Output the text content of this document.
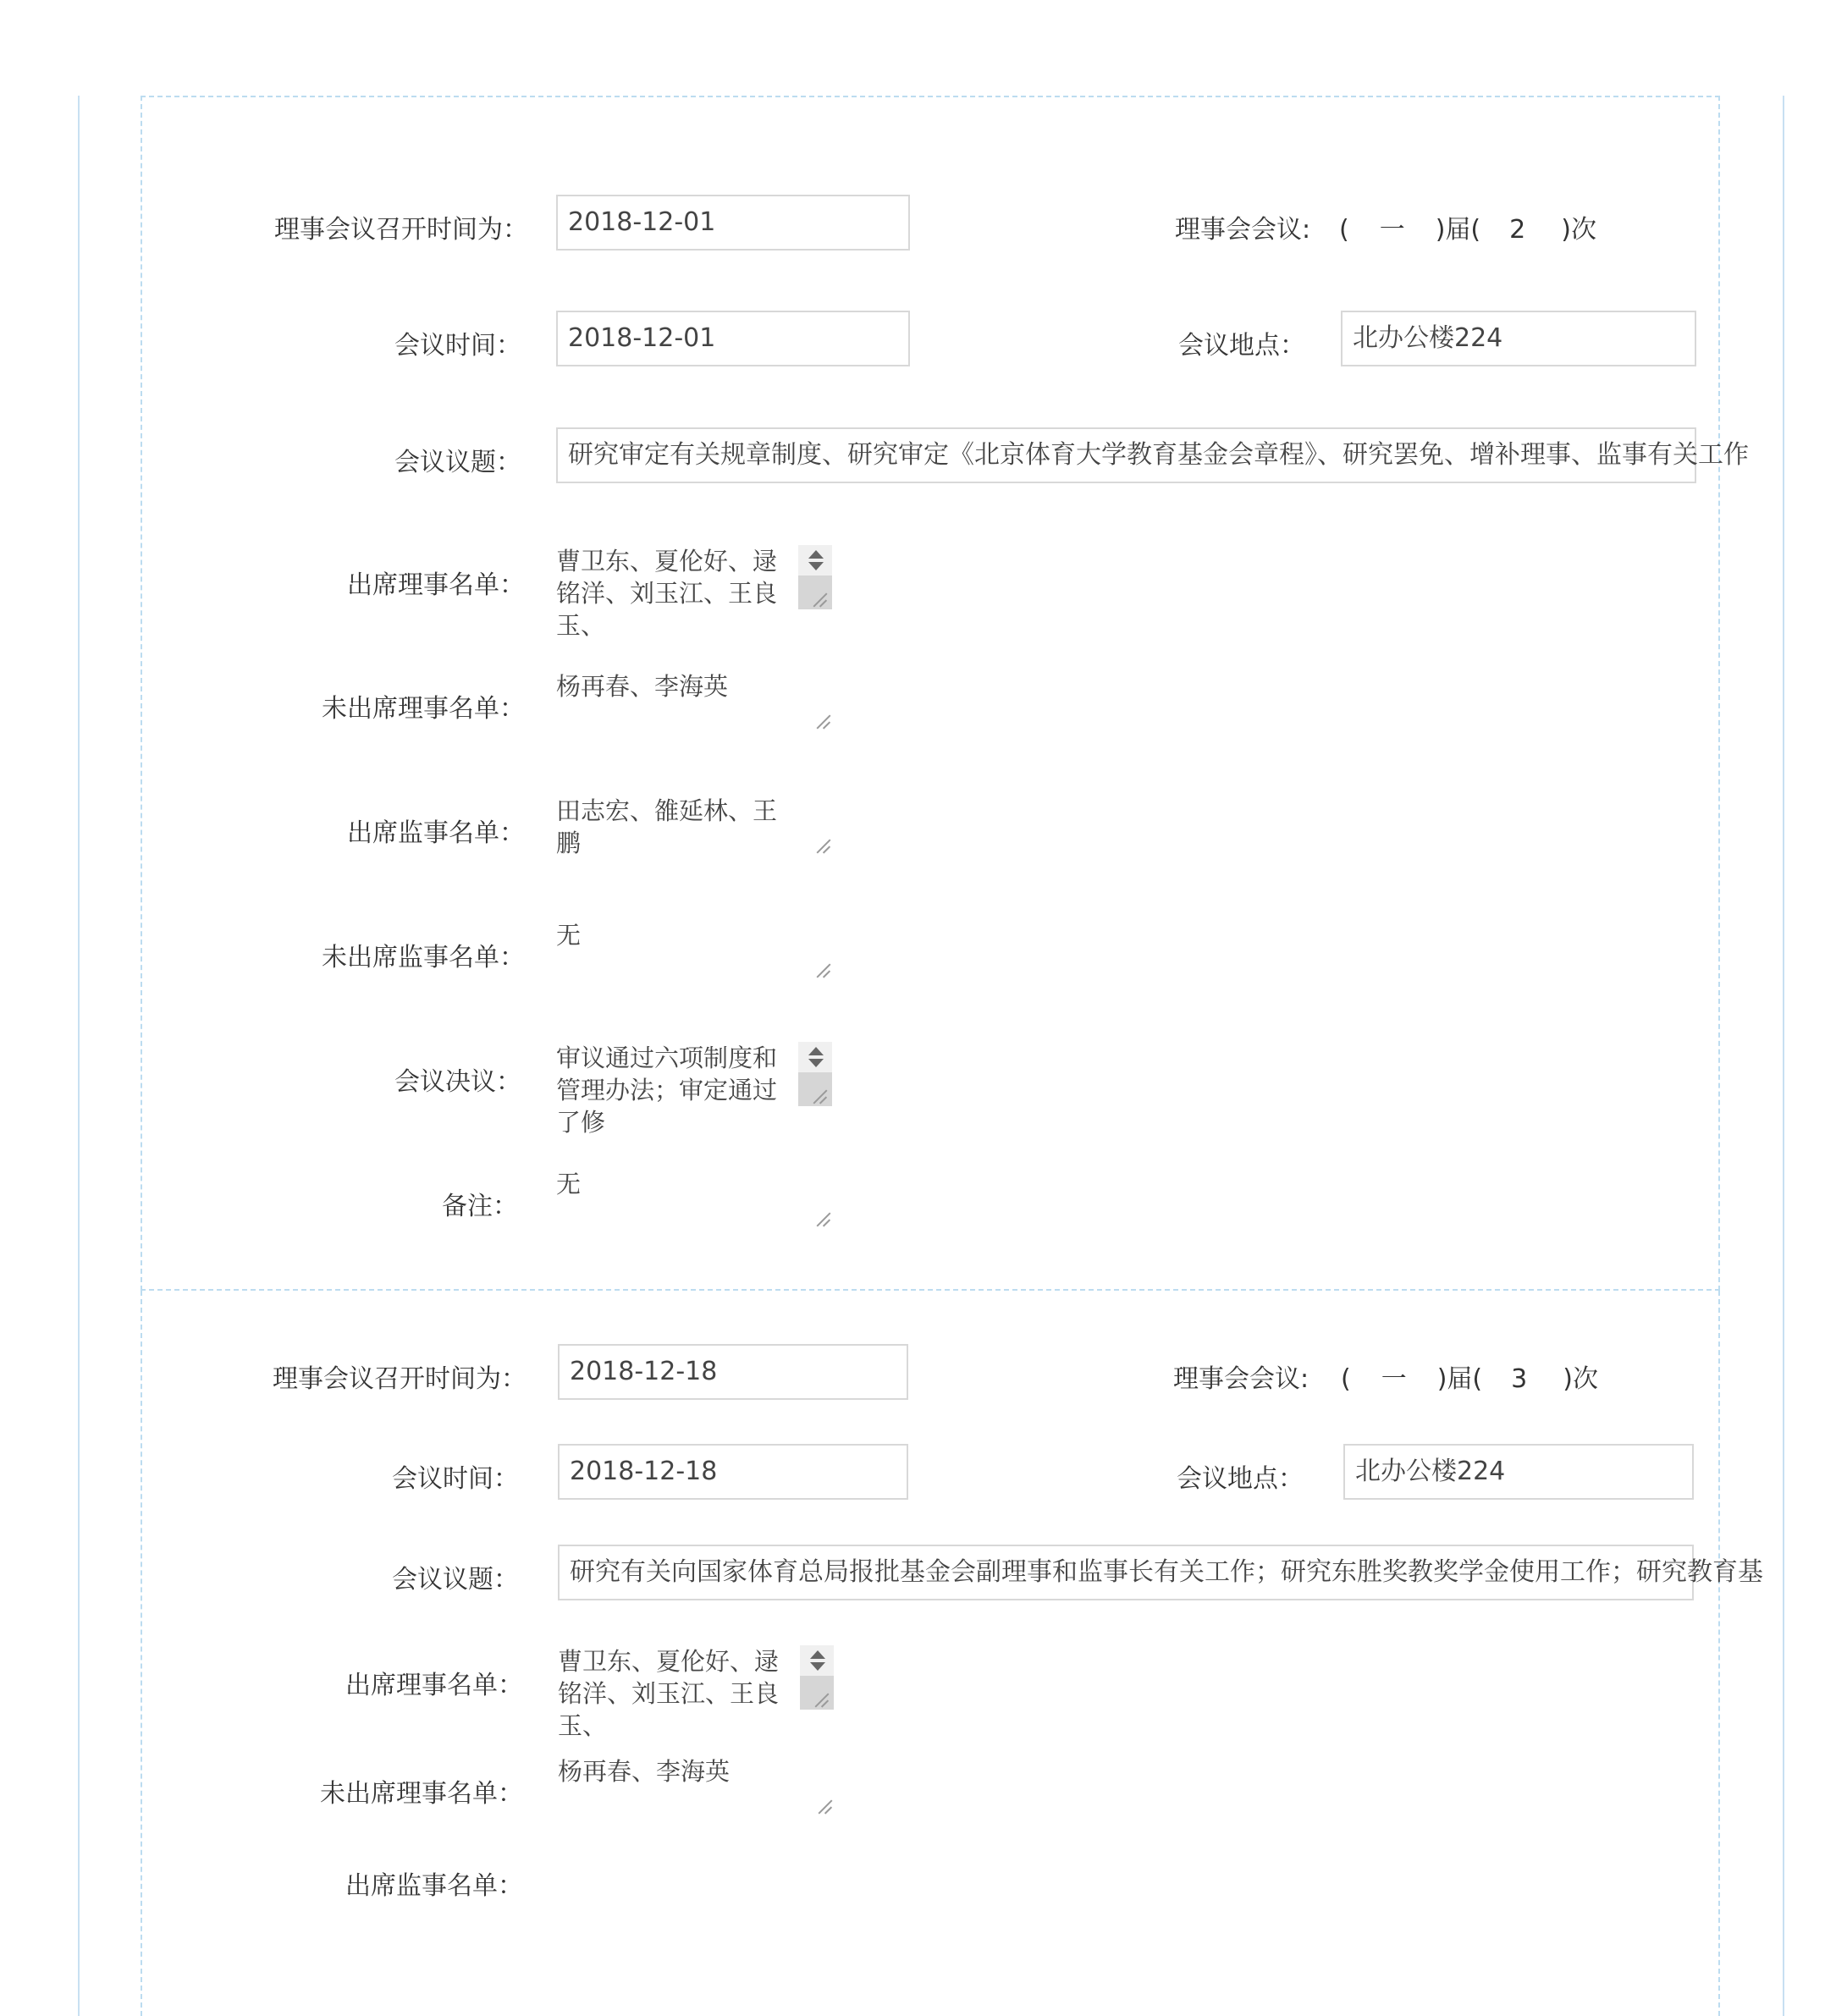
理事会议召开时间为：	2018-12-01	理事会会议: ( 一 )届( 2 )次
会议时间：	2018-12-01	会议地点：	北办公楼224
会议议题：	研究审定有关规章制度、研究审定《北京体育大学教育基金会章程》、研究罢免、增补理事、监事有关工作
出席理事名单：
曹卫东、夏伦好、逯铭洋、刘玉江、王良玉、
未出席理事名单：
杨再春、李海英
出席监事名单：
田志宏、雒延林、王鹏
未出席监事名单：
无
会议决议：
审议通过六项制度和管理办法；审定通过了修
备注：
无
理事会议召开时间为：	2018-12-18	理事会会议: ( 一 )届( 3 )次
会议时间：	2018-12-18	会议地点：	北办公楼224
会议议题：	研究有关向国家体育总局报批基金会副理事和监事长有关工作；研究东胜奖教奖学金使用工作；研究教育基
出席理事名单：
曹卫东、夏伦好、逯铭洋、刘玉江、王良玉、
未出席理事名单：
杨再春、李海英
出席监事名单：
